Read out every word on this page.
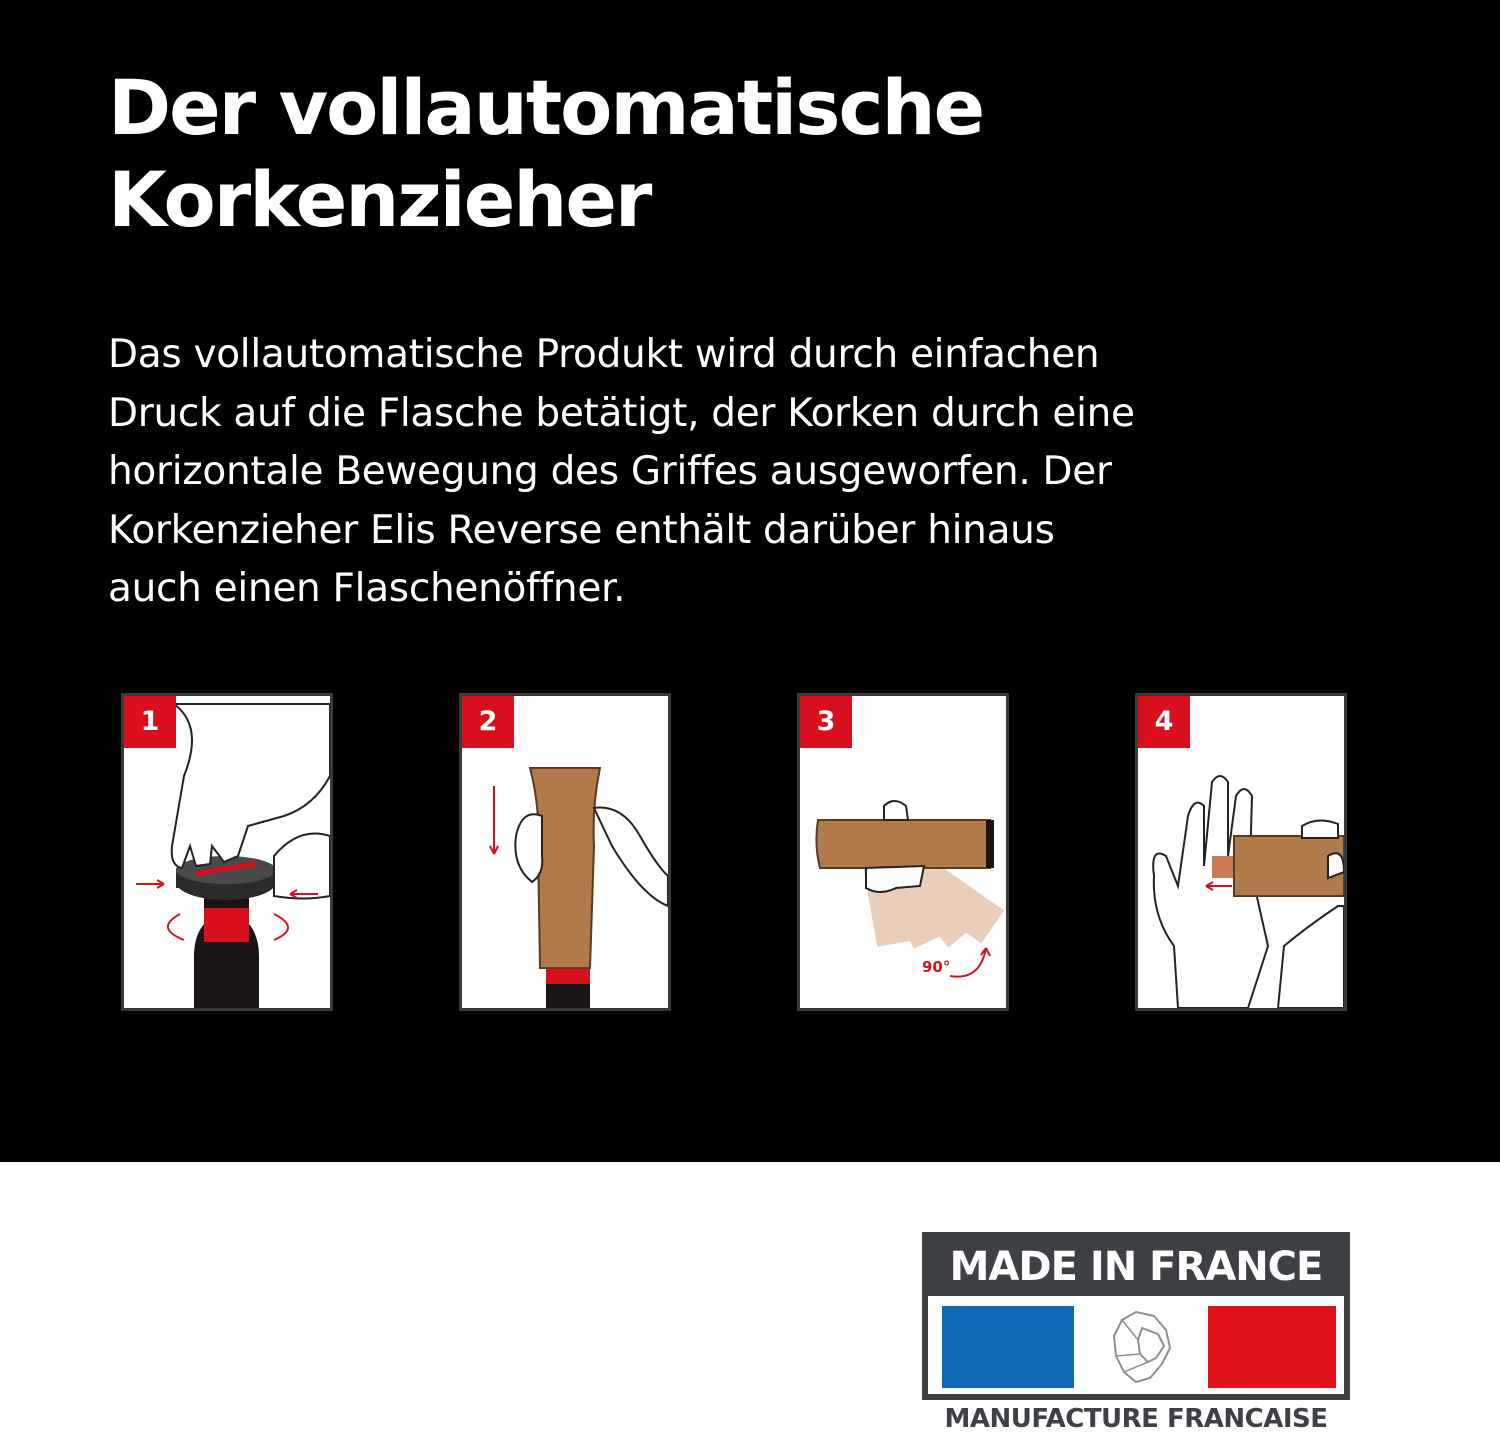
Der vollautomatische
Korkenzieher
Das vollautomatische Produkt wird durch einfachen
Druck auf die Flasche betätigt, der Korken durch eine
horizontale Bewegung des Griffes ausgeworfen. Der
Korkenzieher Elis Reverse enthält darüber hinaus
auch einen Flaschenöffner.
1	2	3
90°
4
MADE IN FRANCE
MANUFACTURE FRANCAISE
